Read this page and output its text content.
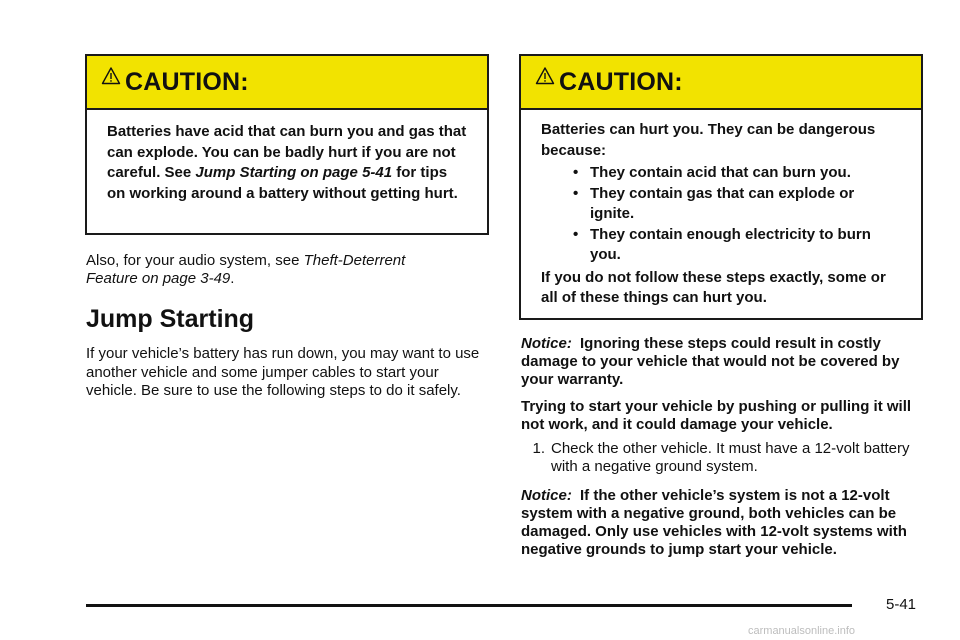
CAUTION:

Batteries have acid that can burn you and gas that can explode. You can be badly hurt if you are not careful. See Jump Starting on page 5-41 for tips on working around a battery without getting hurt.

Also, for your audio system, see Theft-Deterrent Feature on page 3-49.

Jump Starting

If your vehicle’s battery has run down, you may want to use another vehicle and some jumper cables to start your vehicle. Be sure to use the following steps to do it safely.

CAUTION:

Batteries can hurt you. They can be dangerous because:

• They contain acid that can burn you.
• They contain gas that can explode or ignite.
• They contain enough electricity to burn you.

If you do not follow these steps exactly, some or all of these things can hurt you.

Notice: Ignoring these steps could result in costly damage to your vehicle that would not be covered by your warranty.

Trying to start your vehicle by pushing or pulling it will not work, and it could damage your vehicle.

1. Check the other vehicle. It must have a 12-volt battery with a negative ground system.

Notice: If the other vehicle’s system is not a 12-volt system with a negative ground, both vehicles can be damaged. Only use vehicles with 12-volt systems with negative grounds to jump start your vehicle.

5-41
carmanualsonline.info
